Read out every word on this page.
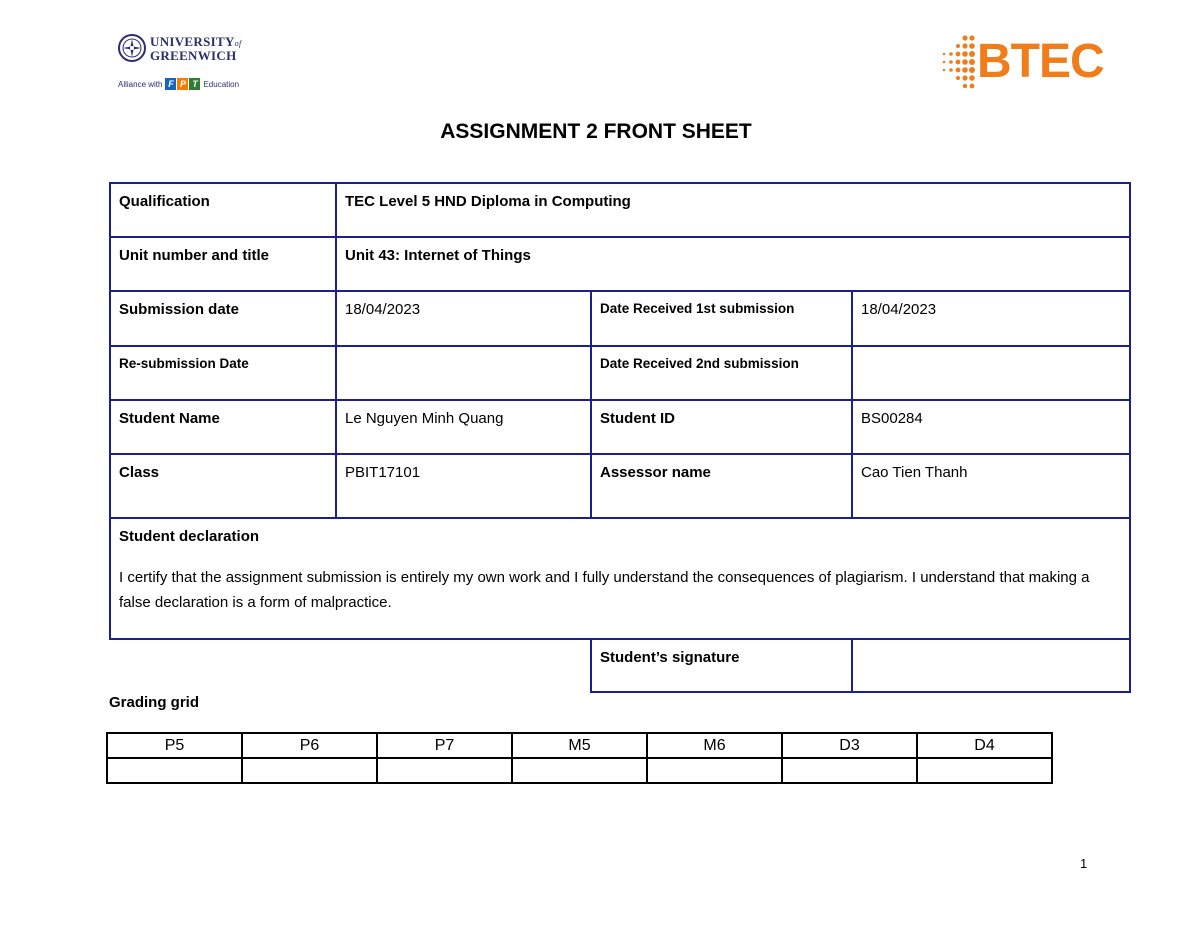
UNIVERSITYof
GREENWICH
Alliance with F P T Education	BTEC
ASSIGNMENT 2 FRONT SHEET
Qualification	TEC Level 5 HND Diploma in Computing		
Unit number and title	Unit 43: Internet of Things		
Submission date	18/04/2023	Date Received 1st submission	18/04/2023
Re-submission Date		Date Received 2nd submission	
Student Name	Le Nguyen Minh Quang	Student ID	BS00284
Class	PBIT17101	Assessor name	Cao Tien Thanh

Student declaration
I certify that the assignment submission is entirely my own work and I fully understand the consequences of plagiarism. I understand that making a false declaration is a form of malpractice.			

		Student’s signature	
Grading grid
P5	P6	P7	M5	M6	D3	D4

1
